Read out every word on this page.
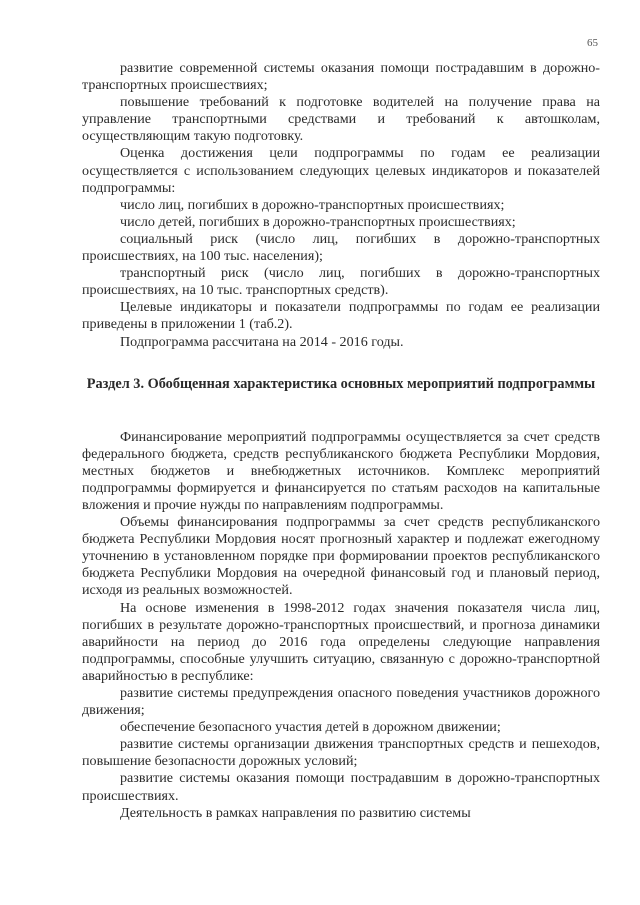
65

развитие современной системы оказания помощи пострадавшим в дорожно-транспортных происшествиях;

повышение требований к подготовке водителей на получение права на управление транспортными средствами и требований к автошколам, осуществляющим такую подготовку.

Оценка достижения цели подпрограммы по годам ее реализации осуществляется с использованием следующих целевых индикаторов и показателей подпрограммы:

число лиц, погибших в дорожно-транспортных происшествиях;

число детей, погибших в дорожно-транспортных происшествиях;

социальный риск (число лиц, погибших в дорожно-транспортных происшествиях, на 100 тыс. населения);

транспортный риск (число лиц, погибших в дорожно-транспортных происшествиях, на 10 тыс. транспортных средств).

Целевые индикаторы и показатели подпрограммы по годам ее реализации приведены в приложении 1 (таб.2).

Подпрограмма рассчитана на 2014 - 2016 годы.

Раздел 3. Обобщенная характеристика основных мероприятий подпрограммы

Финансирование мероприятий подпрограммы осуществляется за счет средств федерального бюджета, средств республиканского бюджета Республики Мордовия, местных бюджетов и внебюджетных источников. Комплекс мероприятий подпрограммы формируется и финансируется по статьям расходов на капитальные вложения и прочие нужды по направлениям подпрограммы.

Объемы финансирования подпрограммы за счет средств республиканского бюджета Республики Мордовия носят прогнозный характер и подлежат ежегодному уточнению в установленном порядке при формировании проектов республиканского бюджета Республики Мордовия на очередной финансовый год и плановый период, исходя из реальных возможностей.

На основе изменения в 1998-2012 годах значения показателя числа лиц, погибших в результате дорожно-транспортных происшествий, и прогноза динамики аварийности на период до 2016 года определены следующие направления подпрограммы, способные улучшить ситуацию, связанную с дорожно-транспортной аварийностью в республике:

развитие системы предупреждения опасного поведения участников дорожного движения;

обеспечение безопасного участия детей в дорожном движении;

развитие системы организации движения транспортных средств и пешеходов, повышение безопасности дорожных условий;

развитие системы оказания помощи пострадавшим в дорожно-транспортных происшествиях.

Деятельность в рамках направления по развитию системы
